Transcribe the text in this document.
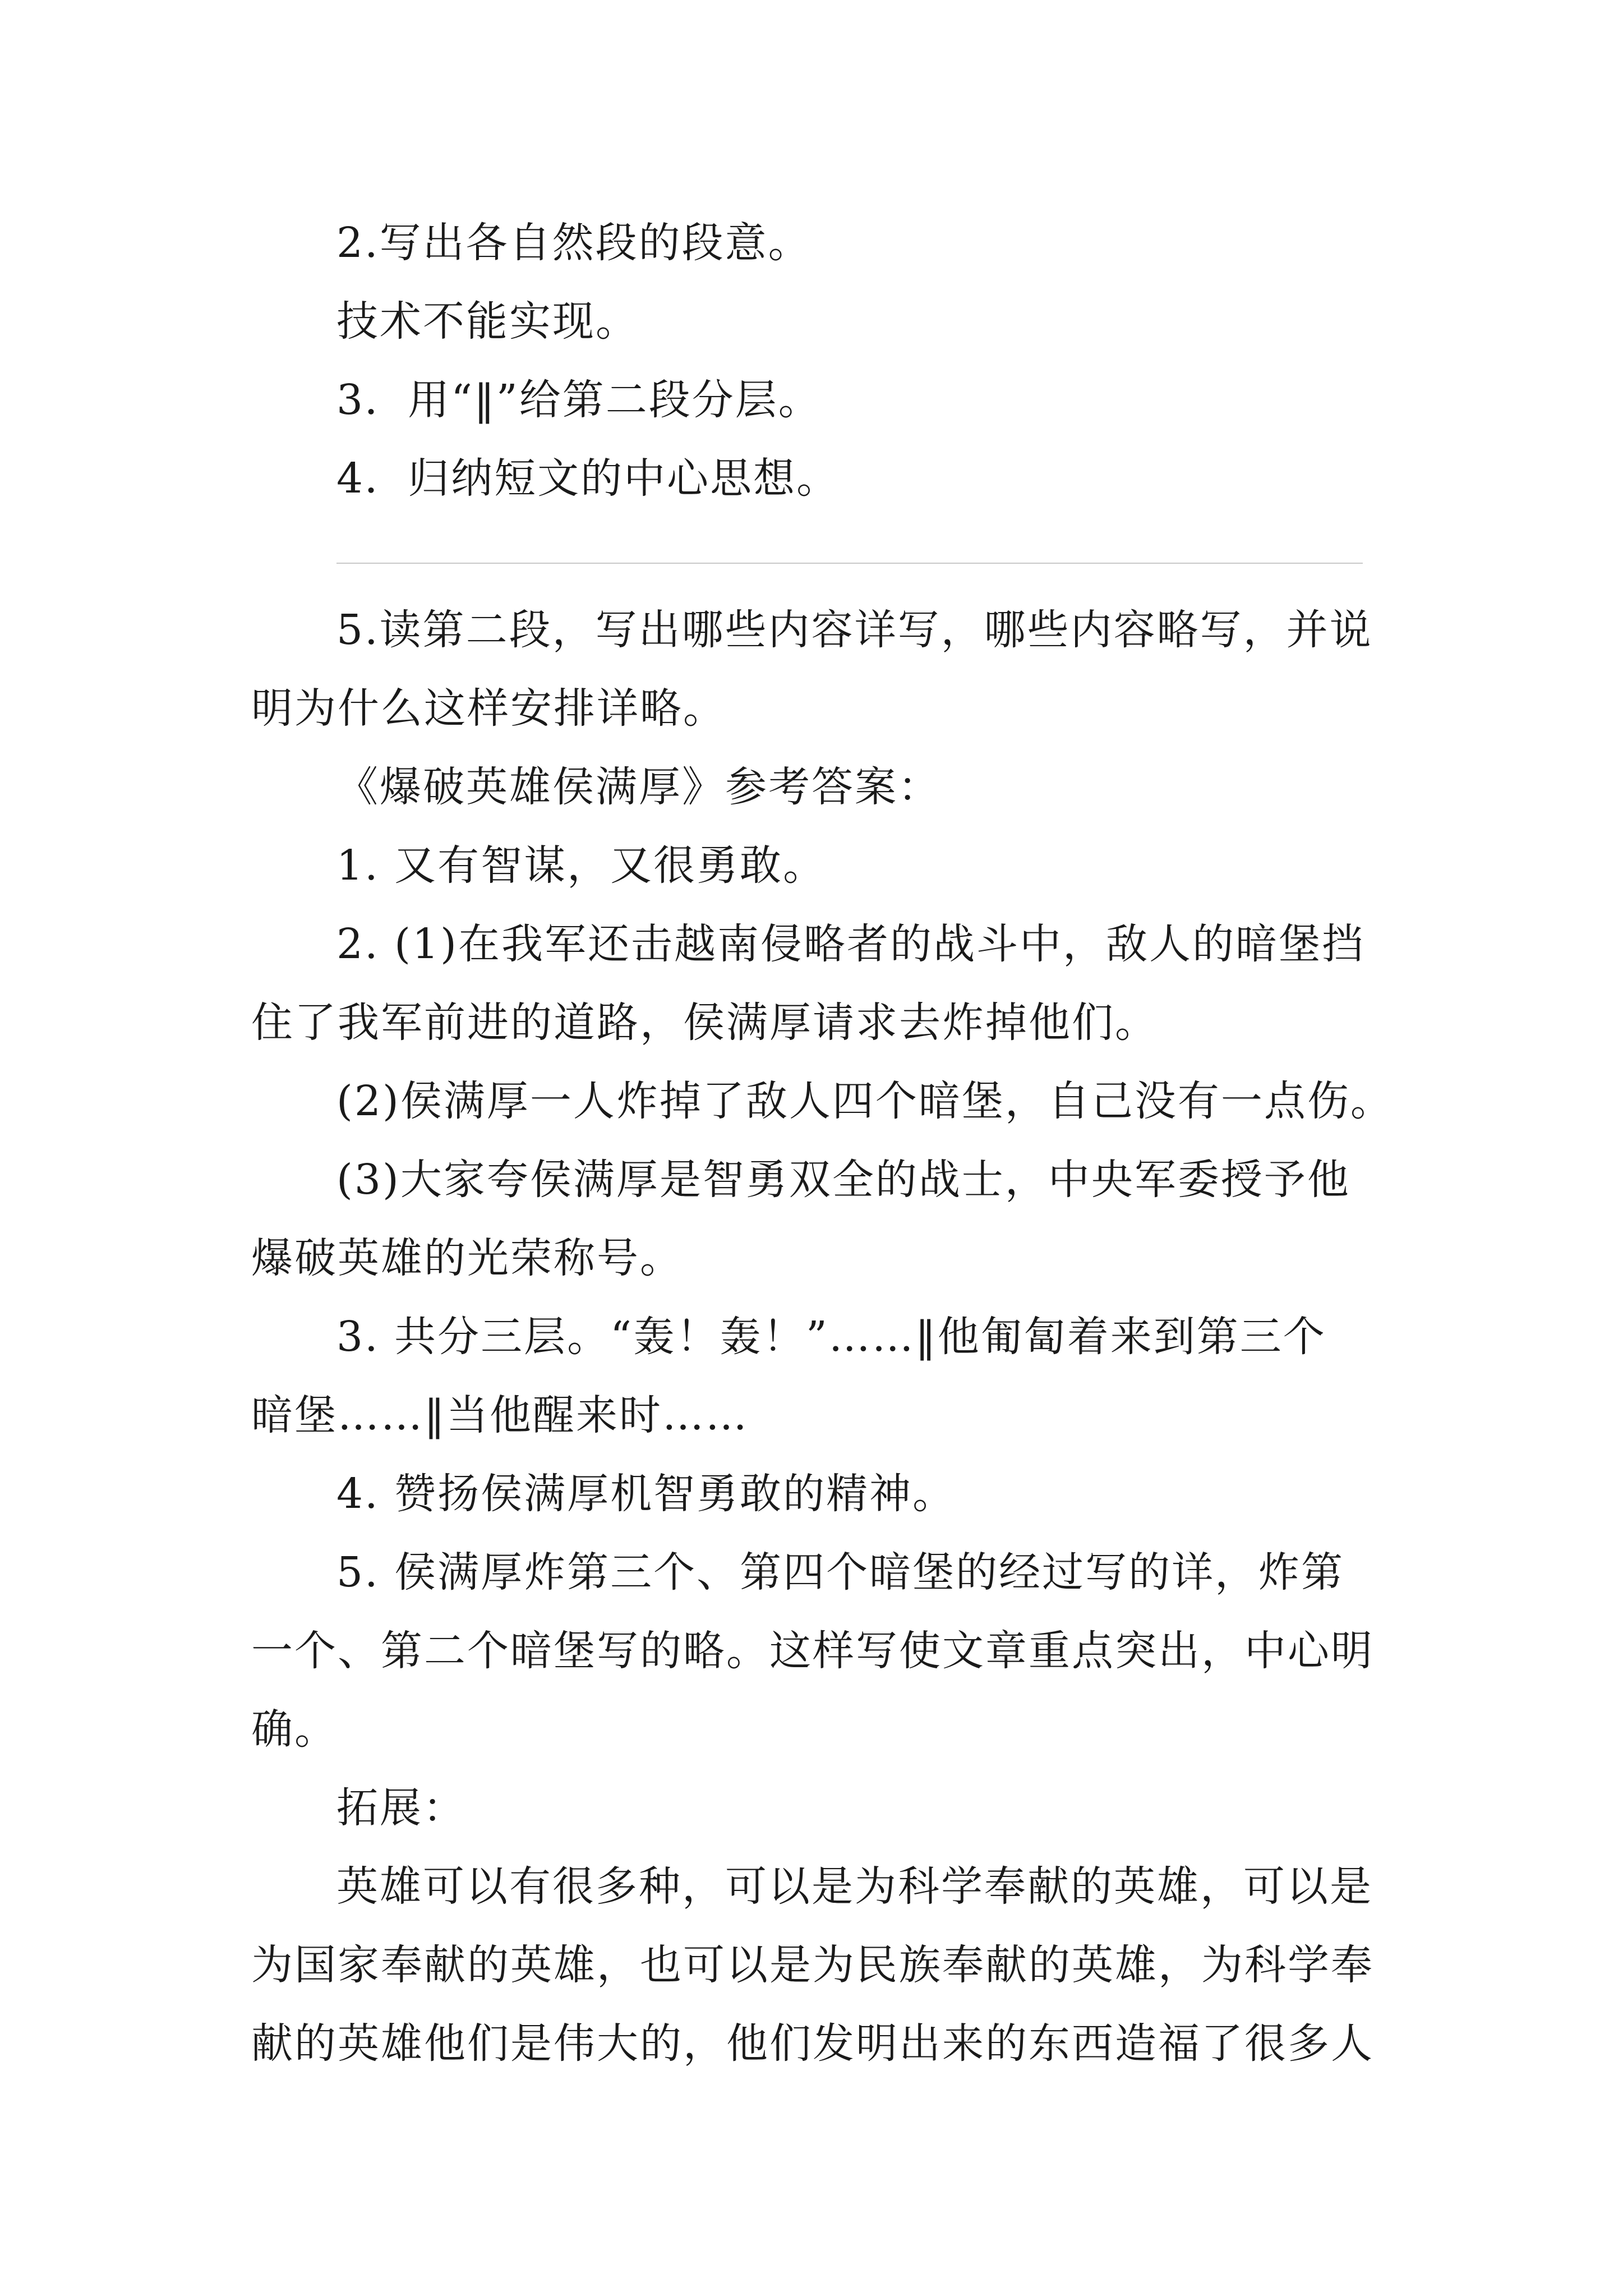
2.写出各自然段的段意。
技术不能实现。
3．用“‖”给第二段分层。
4．归纳短文的中心思想。
5.读第二段，写出哪些内容详写，哪些内容略写，并说
明为什么这样安排详略。
《爆破英雄侯满厚》参考答案：
1. 又有智谋，又很勇敢。
2. (1)在我军还击越南侵略者的战斗中，敌人的暗堡挡
住了我军前进的道路，侯满厚请求去炸掉他们。
(2)侯满厚一人炸掉了敌人四个暗堡，自己没有一点伤。
(3)大家夸侯满厚是智勇双全的战士，中央军委授予他
爆破英雄的光荣称号。
3. 共分三层。“轰！轰！”……‖他匍匐着来到第三个
暗堡……‖当他醒来时……
4. 赞扬侯满厚机智勇敢的精神。
5. 侯满厚炸第三个、第四个暗堡的经过写的详，炸第
一个、第二个暗堡写的略。这样写使文章重点突出，中心明
确。
拓展：
英雄可以有很多种，可以是为科学奉献的英雄，可以是
为国家奉献的英雄，也可以是为民族奉献的英雄，为科学奉
献的英雄他们是伟大的，他们发明出来的东西造福了很多人
